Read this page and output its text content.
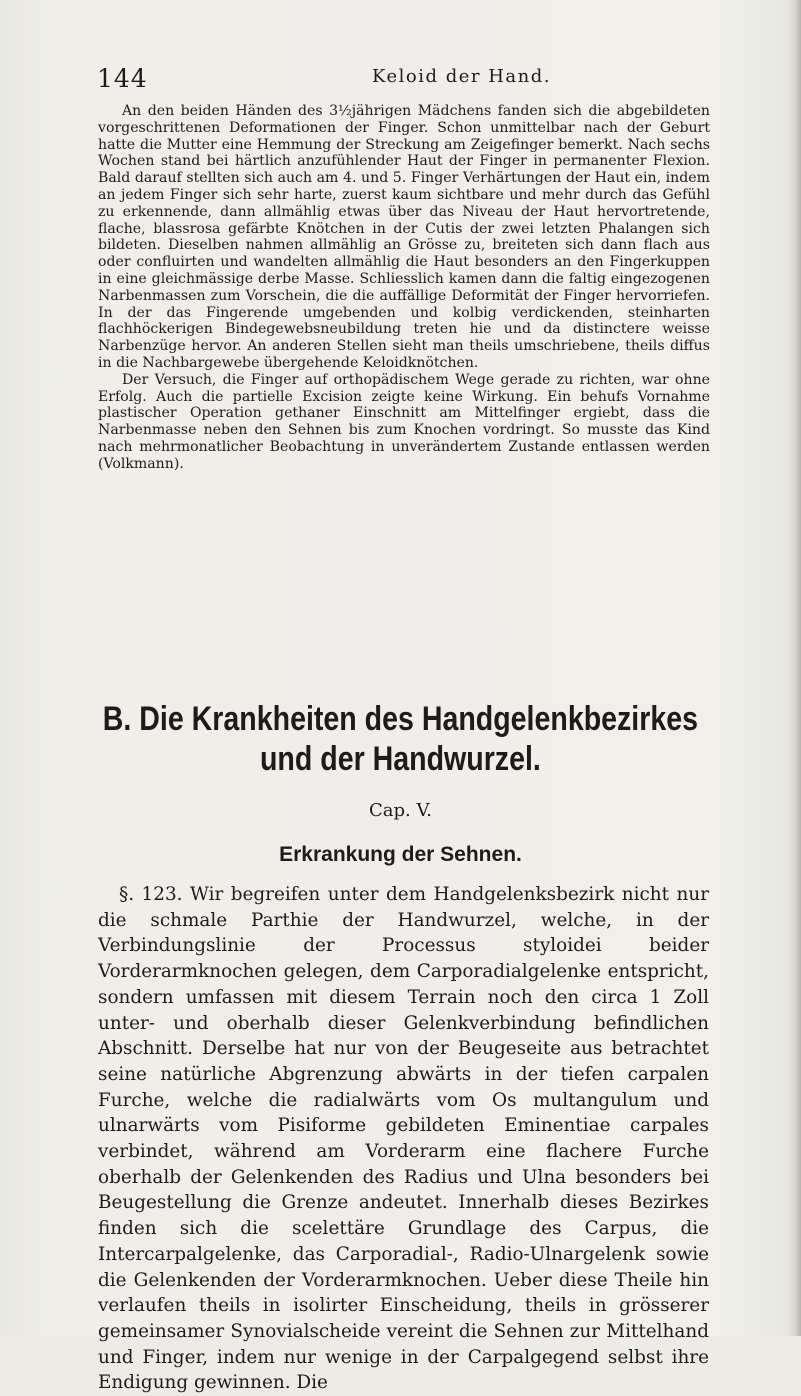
144	Keloid der Hand.

An den beiden Händen des 3½jährigen Mädchens fanden sich die abgebildeten vorgeschrittenen Deformationen der Finger. Schon unmittelbar nach der Geburt hatte die Mutter eine Hemmung der Streckung am Zeigefinger bemerkt. Nach sechs Wochen stand bei härtlich anzufühlender Haut der Finger in permanenter Flexion. Bald darauf stellten sich auch am 4. und 5. Finger Verhärtungen der Haut ein, indem an jedem Finger sich sehr harte, zuerst kaum sichtbare und mehr durch das Gefühl zu erkennende, dann allmählig etwas über das Niveau der Haut hervortretende, flache, blassrosa gefärbte Knötchen in der Cutis der zwei letzten Phalangen sich bildeten. Dieselben nahmen allmählig an Grösse zu, breiteten sich dann flach aus oder confluirten und wandelten allmählig die Haut besonders an den Fingerkuppen in eine gleichmässige derbe Masse. Schliesslich kamen dann die faltig eingezogenen Narbenmassen zum Vorschein, die die auffällige Deformität der Finger hervorriefen. In der das Fingerende umgebenden und kolbig verdickenden, steinharten flachhöckerigen Bindegewebsneubildung treten hie und da distinctere weisse Narbenzüge hervor. An anderen Stellen sieht man theils umschriebene, theils diffus in die Nachbargewebe übergehende Keloidknötchen.

Der Versuch, die Finger auf orthopädischem Wege gerade zu richten, war ohne Erfolg. Auch die partielle Excision zeigte keine Wirkung. Ein behufs Vornahme plastischer Operation gethaner Einschnitt am Mittelfinger ergiebt, dass die Narbenmasse neben den Sehnen bis zum Knochen vordringt. So musste das Kind nach mehrmonatlicher Beobachtung in unverändertem Zustande entlassen werden (Volkmann).

B. Die Krankheiten des Handgelenkbezirkes
und der Handwurzel.
Cap. V.
Erkrankung der Sehnen.

§. 123. Wir begreifen unter dem Handgelenksbezirk nicht nur die schmale Parthie der Handwurzel, welche, in der Verbindungslinie der Processus styloidei beider Vorderarmknochen gelegen, dem Carporadialgelenke entspricht, sondern umfassen mit diesem Terrain noch den circa 1 Zoll unter- und oberhalb dieser Gelenkverbindung befindlichen Abschnitt. Derselbe hat nur von der Beugeseite aus betrachtet seine natürliche Abgrenzung abwärts in der tiefen carpalen Furche, welche die radialwärts vom Os multangulum und ulnarwärts vom Pisiforme gebildeten Eminentiae carpales verbindet, während am Vorderarm eine flachere Furche oberhalb der Gelenkenden des Radius und Ulna besonders bei Beugestellung die Grenze andeutet. Innerhalb dieses Bezirkes finden sich die scelettäre Grundlage des Carpus, die Intercarpalgelenke, das Carporadial-, Radio-Ulnargelenk sowie die Gelenkenden der Vorderarmknochen. Ueber diese Theile hin verlaufen theils in isolirter Einscheidung, theils in grösserer gemeinsamer Synovialscheide vereint die Sehnen zur Mittelhand und Finger, indem nur wenige in der Carpalgegend selbst ihre Endigung gewinnen. Die
